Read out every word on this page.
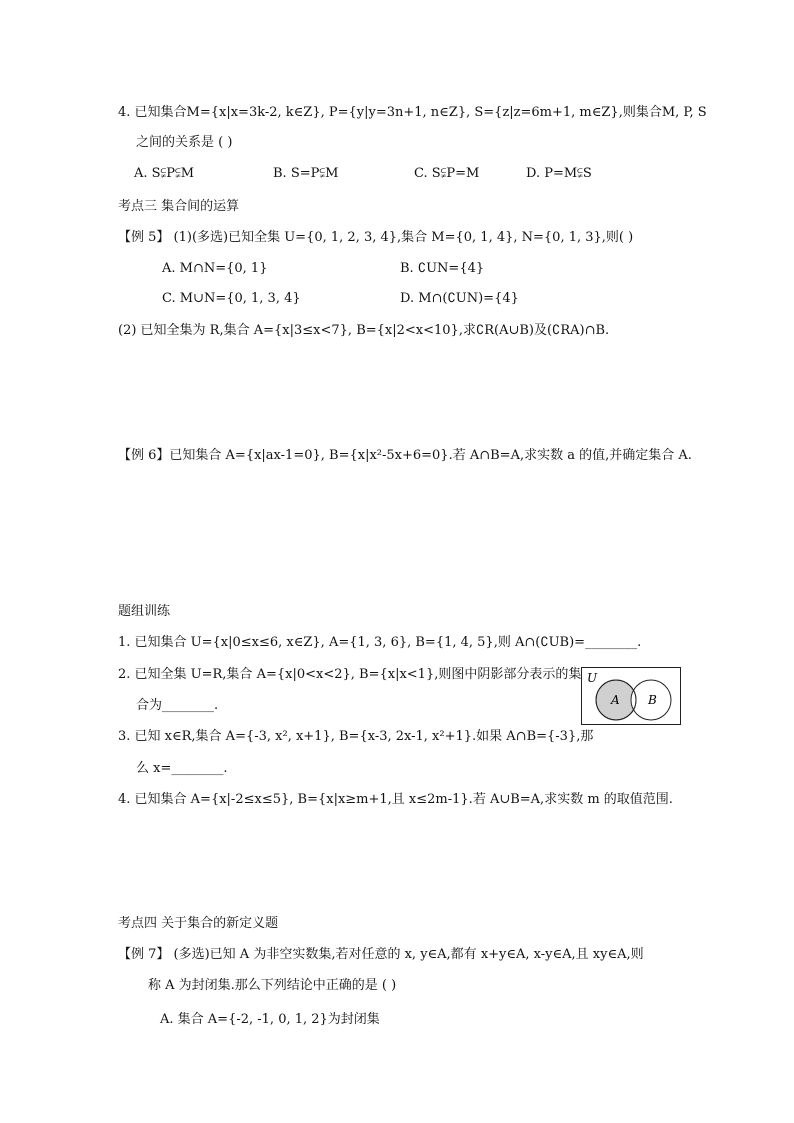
4. 已知集合M={x|x=3k-2, k∈Z}, P={y|y=3n+1, n∈Z}, S={z|z=6m+1, m∈Z},则集合M, P, S
之间的关系是 ( )
A. S⫋P⫋M	B. S=P⫋M	C. S⫋P=M	D. P=M⫋S
考点三 集合间的运算
【例 5】 (1)(多选)已知全集 U={0, 1, 2, 3, 4},集合 M={0, 1, 4}, N={0, 1, 3},则( )
A. M∩N={0, 1}	B. ∁UN={4}
C. M∪N={0, 1, 3, 4}	D. M∩(∁UN)={4}
(2) 已知全集为 R,集合 A={x|3≤x<7}, B={x|2<x<10},求∁R(A∪B)及(∁RA)∩B.
【例 6】已知集合 A={x|ax-1=0}, B={x|x²-5x+6=0}.若 A∩B=A,求实数 a 的值,并确定集合 A.
题组训练
1. 已知集合 U={x|0≤x≤6, x∈Z}, A={1, 3, 6}, B={1, 4, 5},则 A∩(∁UB)=________.
2. 已知全集 U=R,集合 A={x|0<x<2}, B={x|x<1},则图中阴影部分表示的集
合为________.
U
A B
3. 已知 x∈R,集合 A={-3, x², x+1}, B={x-3, 2x-1, x²+1}.如果 A∩B={-3},那
么 x=________.
4. 已知集合 A={x|-2≤x≤5}, B={x|x≥m+1,且 x≤2m-1}.若 A∪B=A,求实数 m 的取值范围.
考点四 关于集合的新定义题
【例 7】 (多选)已知 A 为非空实数集,若对任意的 x, y∈A,都有 x+y∈A, x-y∈A,且 xy∈A,则
称 A 为封闭集.那么下列结论中正确的是 ( )
A. 集合 A={-2, -1, 0, 1, 2}为封闭集
